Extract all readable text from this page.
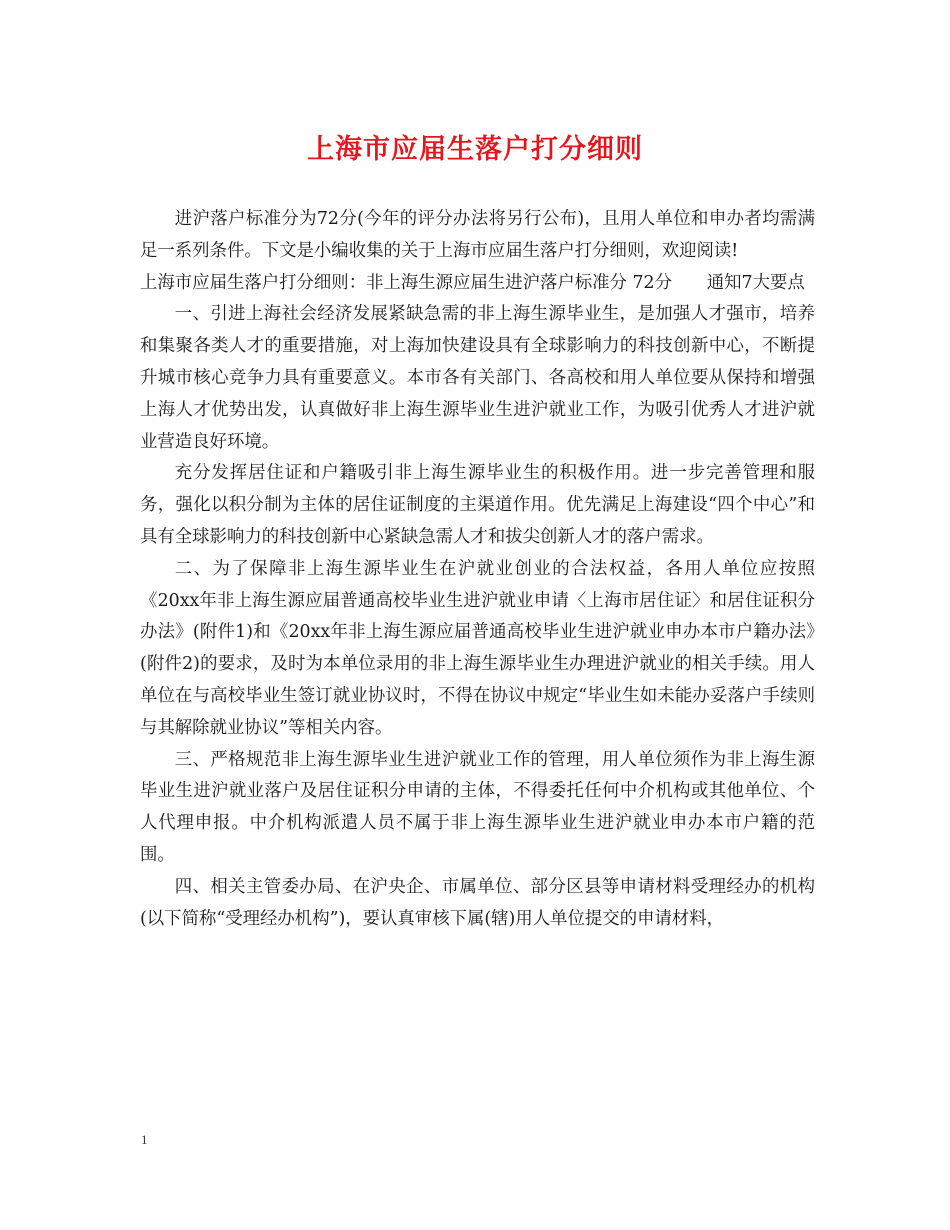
上海市应届生落户打分细则

进沪落户标准分为72分(今年的评分办法将另行公布)，且用人单位和申办者均需满足一系列条件。下文是小编收集的关于上海市应届生落户打分细则，欢迎阅读!

上海市应届生落户打分细则：非上海生源应届生进沪落户标准分 72分　　通知7大要点

一、引进上海社会经济发展紧缺急需的非上海生源毕业生，是加强人才强市，培养和集聚各类人才的重要措施，对上海加快建设具有全球影响力的科技创新中心，不断提升城市核心竞争力具有重要意义。本市各有关部门、各高校和用人单位要从保持和增强上海人才优势出发，认真做好非上海生源毕业生进沪就业工作，为吸引优秀人才进沪就业营造良好环境。

充分发挥居住证和户籍吸引非上海生源毕业生的积极作用。进一步完善管理和服务，强化以积分制为主体的居住证制度的主渠道作用。优先满足上海建设“四个中心”和具有全球影响力的科技创新中心紧缺急需人才和拔尖创新人才的落户需求。

二、为了保障非上海生源毕业生在沪就业创业的合法权益，各用人单位应按照《20xx年非上海生源应届普通高校毕业生进沪就业申请〈上海市居住证〉和居住证积分办法》(附件1)和《20xx年非上海生源应届普通高校毕业生进沪就业申办本市户籍办法》(附件2)的要求，及时为本单位录用的非上海生源毕业生办理进沪就业的相关手续。用人单位在与高校毕业生签订就业协议时，不得在协议中规定“毕业生如未能办妥落户手续则与其解除就业协议”等相关内容。

三、严格规范非上海生源毕业生进沪就业工作的管理，用人单位须作为非上海生源毕业生进沪就业落户及居住证积分申请的主体，不得委托任何中介机构或其他单位、个人代理申报。中介机构派遣人员不属于非上海生源毕业生进沪就业申办本市户籍的范围。

四、相关主管委办局、在沪央企、市属单位、部分区县等申请材料受理经办的机构(以下简称“受理经办机构”)，要认真审核下属(辖)用人单位提交的申请材料，

1
